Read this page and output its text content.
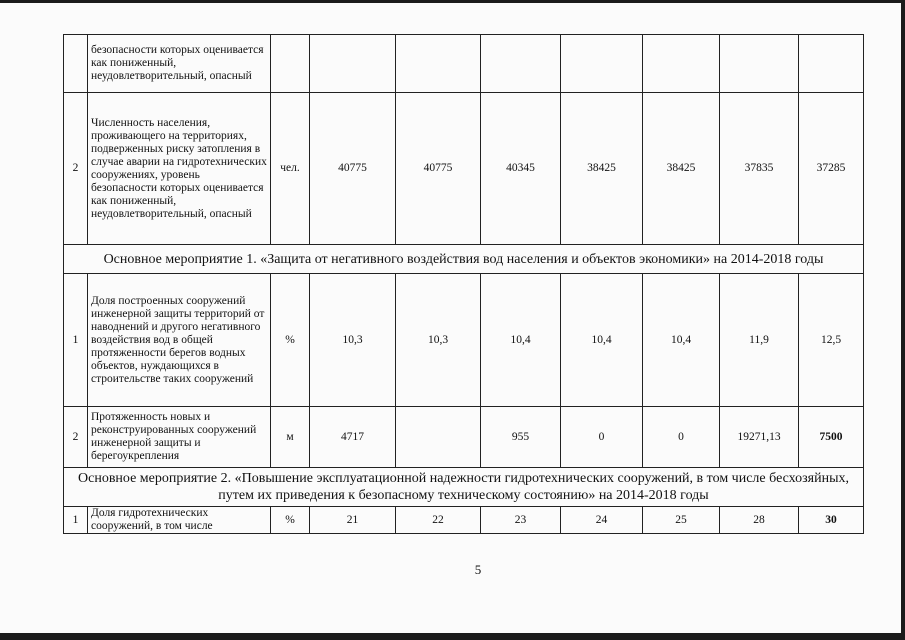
	безопасности которых оценивается как пониженный, неудовлетворительный, опасный								
2	Численность населения, проживающего на территориях, подверженных риску затопления в случае аварии на гидротехнических сооружениях, уровень безопасности которых оценивается как пониженный, неудовлетворительный, опасный	чел.	40775	40775	40345	38425	38425	37835	37285
Основное мероприятие 1. «Защита от негативного воздействия вод населения и объектов экономики» на 2014-2018 годы									
1	Доля построенных сооружений инженерной защиты территорий от наводнений и другого негативного воздействия вод в общей протяженности берегов водных объектов, нуждающихся в строительстве таких сооружений	%	10,3	10,3	10,4	10,4	10,4	11,9	12,5
2	Протяженность новых и реконструированных сооружений инженерной защиты и берегоукрепления	м	4717		955	0	0	19271,13	7500
Основное мероприятие 2. «Повышение эксплуатационной надежности гидротехнических сооружений, в том числе бесхозяйных, путем их приведения к безопасному техническому состоянию» на 2014-2018 годы									
1	Доля гидротехнических сооружений, в том числе	%	21	22	23	24	25	28	30
5
